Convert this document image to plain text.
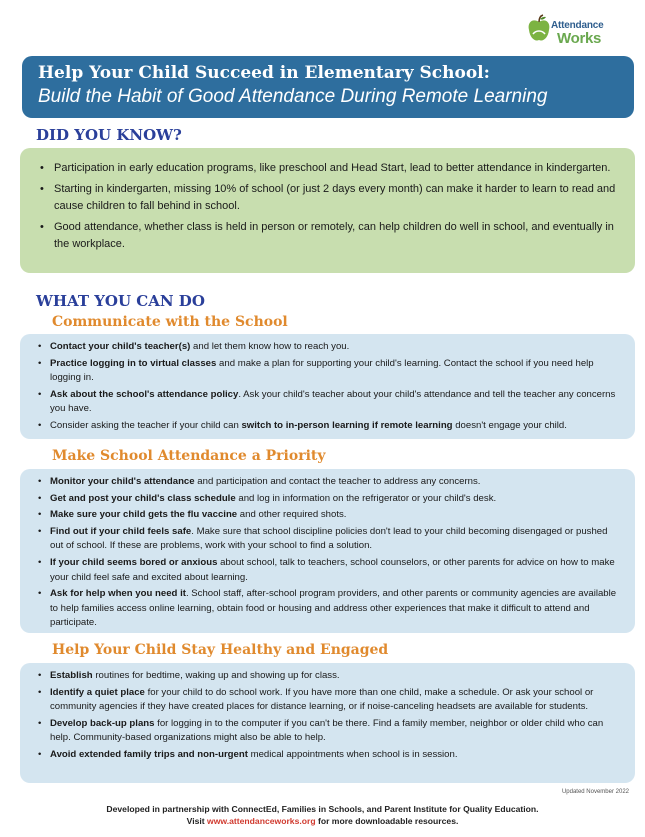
Attendance
Works
Help Your Child Succeed in Elementary School:
Build the Habit of Good Attendance During Remote Learning
DID YOU KNOW?
• Participation in early education programs, like preschool and Head Start, lead to better attendance in kindergarten.
• Starting in kindergarten, missing 10% of school (or just 2 days every month) can make it harder to learn to read and cause children to fall behind in school.
• Good attendance, whether class is held in person or remotely, can help children do well in school, and eventually in the workplace.
WHAT YOU CAN DO
Communicate with the School
• Contact your child's teacher(s) and let them know how to reach you.
• Practice logging in to virtual classes and make a plan for supporting your child's learning. Contact the school if you need help logging in.
• Ask about the school's attendance policy. Ask your child's teacher about your child's attendance and tell the teacher any concerns you have.
• Consider asking the teacher if your child can switch to in-person learning if remote learning doesn't engage your child.
Make School Attendance a Priority
• Monitor your child's attendance and participation and contact the teacher to address any concerns.
• Get and post your child's class schedule and log in information on the refrigerator or your child's desk.
• Make sure your child gets the flu vaccine and other required shots.
• Find out if your child feels safe. Make sure that school discipline policies don't lead to your child becoming disengaged or pushed out of school. If these are problems, work with your school to find a solution.
• If your child seems bored or anxious about school, talk to teachers, school counselors, or other parents for advice on how to make your child feel safe and excited about learning.
• Ask for help when you need it. School staff, after-school program providers, and other parents or community agencies are available to help families access online learning, obtain food or housing and address other experiences that make it difficult to attend and participate.
Help Your Child Stay Healthy and Engaged
• Establish routines for bedtime, waking up and showing up for class.
• Identify a quiet place for your child to do school work. If you have more than one child, make a schedule. Or ask your school or community agencies if they have created places for distance learning, or if noise-canceling headsets are available for students.
• Develop back-up plans for logging in to the computer if you can't be there. Find a family member, neighbor or older child who can help. Community-based organizations might also be able to help.
• Avoid extended family trips and non-urgent medical appointments when school is in session.
Updated November 2022
Developed in partnership with ConnectEd, Families in Schools, and Parent Institute for Quality Education.
Visit www.attendanceworks.org for more downloadable resources.
